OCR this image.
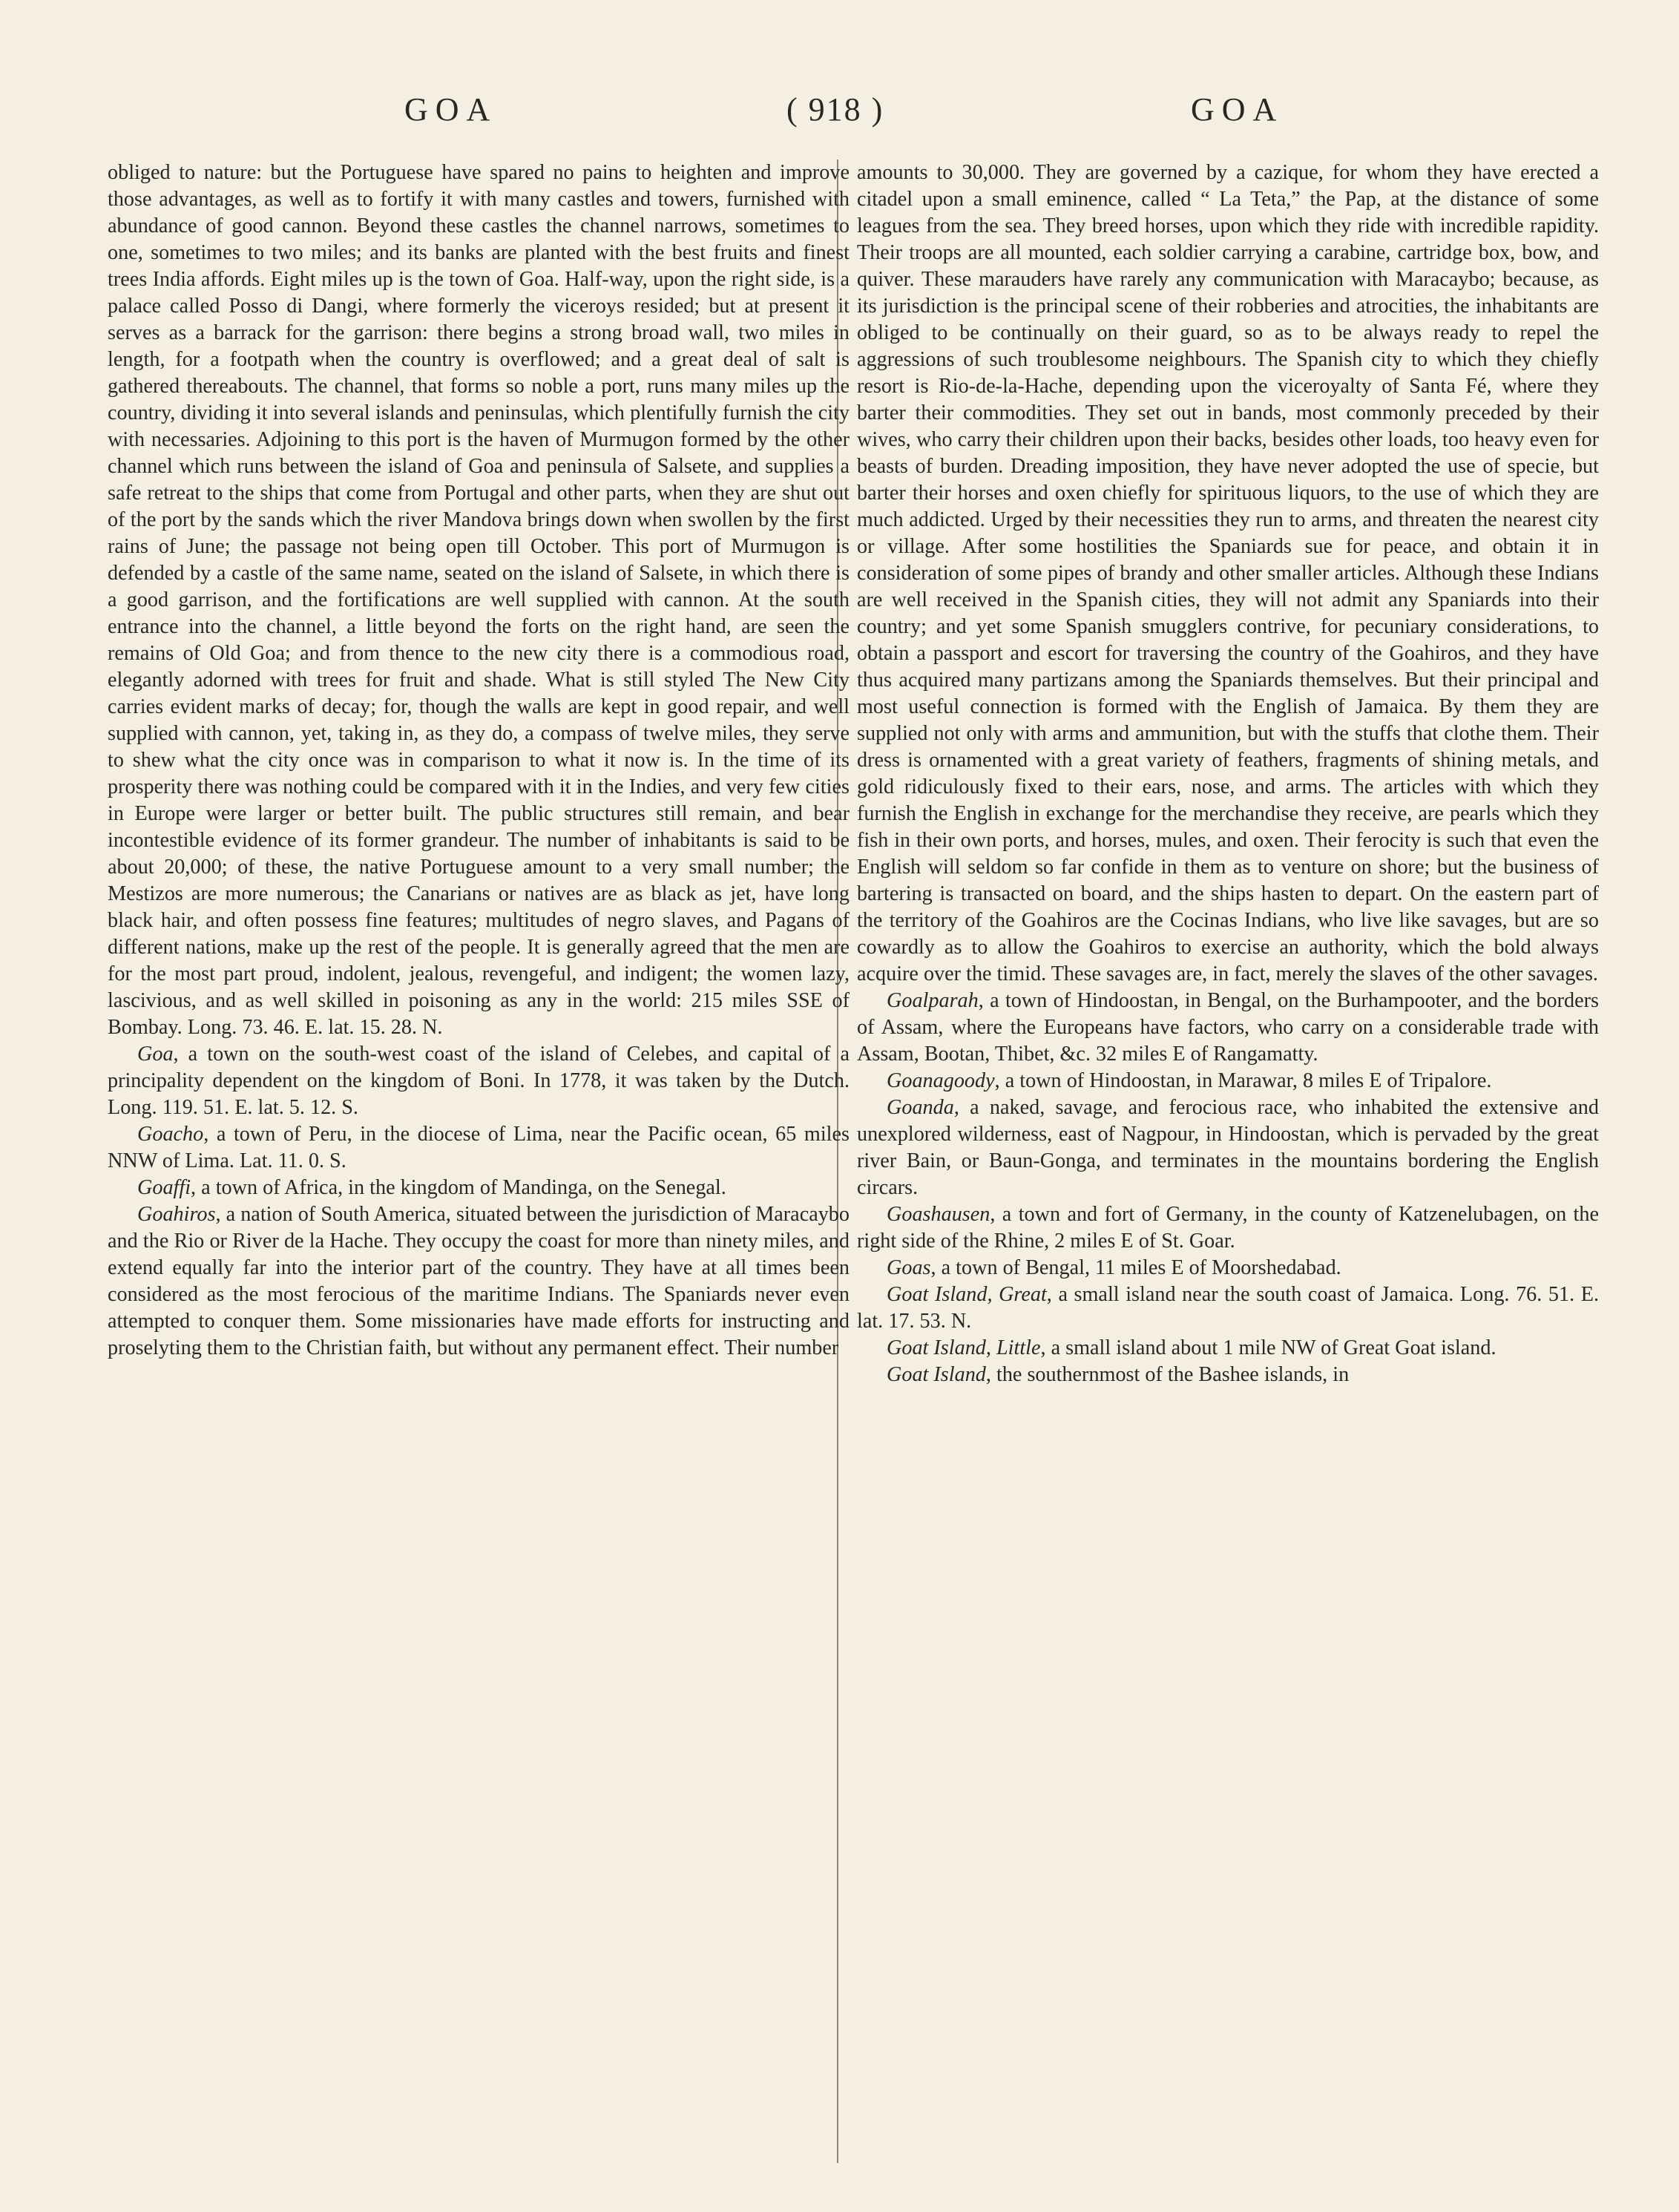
GOA	( 918 )	GOA

obliged to nature: but the Portuguese have spared no pains to heighten and improve those advantages, as well as to fortify it with many castles and towers, furnished with abundance of good cannon. Beyond these castles the channel narrows, sometimes to one, sometimes to two miles; and its banks are planted with the best fruits and finest trees India affords. Eight miles up is the town of Goa. Half-way, upon the right side, is a palace called Posso di Dangi, where formerly the viceroys resided; but at present it serves as a barrack for the garrison: there begins a strong broad wall, two miles in length, for a footpath when the country is overflowed; and a great deal of salt is gathered thereabouts. The channel, that forms so noble a port, runs many miles up the country, dividing it into several islands and peninsulas, which plentifully furnish the city with necessaries. Adjoining to this port is the haven of Murmugon formed by the other channel which runs between the island of Goa and peninsula of Salsete, and supplies a safe retreat to the ships that come from Portugal and other parts, when they are shut out of the port by the sands which the river Mandova brings down when swollen by the first rains of June; the passage not being open till October. This port of Murmugon is defended by a castle of the same name, seated on the island of Salsete, in which there is a good garrison, and the fortifications are well supplied with cannon. At the south entrance into the channel, a little beyond the forts on the right hand, are seen the remains of Old Goa; and from thence to the new city there is a commodious road, elegantly adorned with trees for fruit and shade. What is still styled The New City carries evident marks of decay; for, though the walls are kept in good repair, and well supplied with cannon, yet, taking in, as they do, a compass of twelve miles, they serve to shew what the city once was in comparison to what it now is. In the time of its prosperity there was nothing could be compared with it in the Indies, and very few cities in Europe were larger or better built. The public structures still remain, and bear incontestible evidence of its former grandeur. The number of inhabitants is said to be about 20,000; of these, the native Portuguese amount to a very small number; the Mestizos are more numerous; the Canarians or natives are as black as jet, have long black hair, and often possess fine features; multitudes of negro slaves, and Pagans of different nations, make up the rest of the people. It is generally agreed that the men are for the most part proud, indolent, jealous, revengeful, and indigent; the women lazy, lascivious, and as well skilled in poisoning as any in the world: 215 miles SSE of Bombay. Long. 73. 46. E. lat. 15. 28. N.

Goa, a town on the south-west coast of the island of Celebes, and capital of a principality dependent on the kingdom of Boni. In 1778, it was taken by the Dutch. Long. 119. 51. E. lat. 5. 12. S.

Goacho, a town of Peru, in the diocese of Lima, near the Pacific ocean, 65 miles NNW of Lima. Lat. 11. 0. S.

Goaffi, a town of Africa, in the kingdom of Mandinga, on the Senegal.

Goahiros, a nation of South America, situated between the jurisdiction of Maracaybo and the Rio or River de la Hache. They occupy the coast for more than ninety miles, and extend equally far into the interior part of the country. They have at all times been considered as the most ferocious of the maritime Indians. The Spaniards never even attempted to conquer them. Some missionaries have made efforts for instructing and proselyting them to the Christian faith, but without any permanent effect. Their number

amounts to 30,000. They are governed by a cazique, for whom they have erected a citadel upon a small eminence, called “ La Teta,” the Pap, at the distance of some leagues from the sea. They breed horses, upon which they ride with incredible rapidity. Their troops are all mounted, each soldier carrying a carabine, cartridge box, bow, and quiver. These marauders have rarely any communication with Maracaybo; because, as its jurisdiction is the principal scene of their robberies and atrocities, the inhabitants are obliged to be continually on their guard, so as to be always ready to repel the aggressions of such troublesome neighbours. The Spanish city to which they chiefly resort is Rio-de-la-Hache, depending upon the viceroyalty of Santa Fé, where they barter their commodities. They set out in bands, most commonly preceded by their wives, who carry their children upon their backs, besides other loads, too heavy even for beasts of burden. Dreading imposition, they have never adopted the use of specie, but barter their horses and oxen chiefly for spirituous liquors, to the use of which they are much addicted. Urged by their necessities they run to arms, and threaten the nearest city or village. After some hostilities the Spaniards sue for peace, and obtain it in consideration of some pipes of brandy and other smaller articles. Although these Indians are well received in the Spanish cities, they will not admit any Spaniards into their country; and yet some Spanish smugglers contrive, for pecuniary considerations, to obtain a passport and escort for traversing the country of the Goahiros, and they have thus acquired many partizans among the Spaniards themselves. But their principal and most useful connection is formed with the English of Jamaica. By them they are supplied not only with arms and ammunition, but with the stuffs that clothe them. Their dress is ornamented with a great variety of feathers, fragments of shining metals, and gold ridiculously fixed to their ears, nose, and arms. The articles with which they furnish the English in exchange for the merchandise they receive, are pearls which they fish in their own ports, and horses, mules, and oxen. Their ferocity is such that even the English will seldom so far confide in them as to venture on shore; but the business of bartering is transacted on board, and the ships hasten to depart. On the eastern part of the territory of the Goahiros are the Cocinas Indians, who live like savages, but are so cowardly as to allow the Goahiros to exercise an authority, which the bold always acquire over the timid. These savages are, in fact, merely the slaves of the other savages.

Goalparah, a town of Hindoostan, in Bengal, on the Burhampooter, and the borders of Assam, where the Europeans have factors, who carry on a considerable trade with Assam, Bootan, Thibet, &c. 32 miles E of Rangamatty.

Goanagoody, a town of Hindoostan, in Marawar, 8 miles E of Tripalore.

Goanda, a naked, savage, and ferocious race, who inhabited the extensive and unexplored wilderness, east of Nagpour, in Hindoostan, which is pervaded by the great river Bain, or Baun-Gonga, and terminates in the mountains bordering the English circars.

Goashausen, a town and fort of Germany, in the county of Katzenelubagen, on the right side of the Rhine, 2 miles E of St. Goar.

Goas, a town of Bengal, 11 miles E of Moorshedabad.

Goat Island, Great, a small island near the south coast of Jamaica. Long. 76. 51. E. lat. 17. 53. N.

Goat Island, Little, a small island about 1 mile NW of Great Goat island.

Goat Island, the southernmost of the Bashee islands, in
